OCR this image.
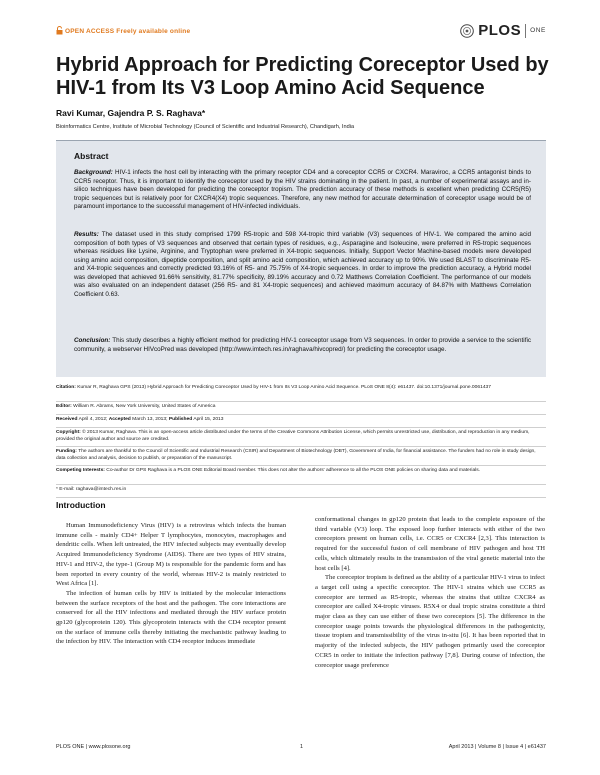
OPEN ACCESS Freely available online	PLOS ONE
Hybrid Approach for Predicting Coreceptor Used by HIV-1 from Its V3 Loop Amino Acid Sequence
Ravi Kumar, Gajendra P. S. Raghava*
Bioinformatics Centre, Institute of Microbial Technology (Council of Scientific and Industrial Research), Chandigarh, India
Abstract

Background: HIV-1 infects the host cell by interacting with the primary receptor CD4 and a coreceptor CCR5 or CXCR4. Maraviroc, a CCR5 antagonist binds to CCR5 receptor. Thus, it is important to identify the coreceptor used by the HIV strains dominating in the patient. In past, a number of experimental assays and in-silico techniques have been developed for predicting the coreceptor tropism. The prediction accuracy of these methods is excellent when predicting CCR5(R5) tropic sequences but is relatively poor for CXCR4(X4) tropic sequences. Therefore, any new method for accurate determination of coreceptor usage would be of paramount importance to the successful management of HIV-infected individuals.

Results: The dataset used in this study comprised 1799 R5-tropic and 598 X4-tropic third variable (V3) sequences of HIV-1. We compared the amino acid composition of both types of V3 sequences and observed that certain types of residues, e.g., Asparagine and Isoleucine, were preferred in R5-tropic sequences whereas residues like Lysine, Arginine, and Tryptophan were preferred in X4-tropic sequences. Initially, Support Vector Machine-based models were developed using amino acid composition, dipeptide composition, and split amino acid composition, which achieved accuracy up to 90%. We used BLAST to discriminate R5- and X4-tropic sequences and correctly predicted 93.16% of R5- and 75.75% of X4-tropic sequences. In order to improve the prediction accuracy, a Hybrid model was developed that achieved 91.66% sensitivity, 81.77% specificity, 89.19% accuracy and 0.72 Matthews Correlation Coefficient. The performance of our models was also evaluated on an independent dataset (256 R5- and 81 X4-tropic sequences) and achieved maximum accuracy of 84.87% with Matthews Correlation Coefficient 0.63.

Conclusion: This study describes a highly efficient method for predicting HIV-1 coreceptor usage from V3 sequences. In order to provide a service to the scientific community, a webserver HIVcoPred was developed (http://www.imtech.res.in/raghava/hivcopred/) for predicting the coreceptor usage.

Citation: Kumar R, Raghava GPS (2013) Hybrid Approach for Predicting Coreceptor Used by HIV-1 from Its V3 Loop Amino Acid Sequence. PLoS ONE 8(4): e61437. doi:10.1371/journal.pone.0061437

Editor: William R. Abrams, New York University, United States of America

Received April 4, 2012; Accepted March 13, 2013; Published April 15, 2013

Copyright: © 2013 Kumar, Raghava. This is an open-access article distributed under the terms of the Creative Commons Attribution License, which permits unrestricted use, distribution, and reproduction in any medium, provided the original author and source are credited.

Funding: The authors are thankful to the Council of Scientific and Industrial Research (CSIR) and Department of Biotechnology (DBT), Government of India, for financial assistance. The funders had no role in study design, data collection and analysis, decision to publish, or preparation of the manuscript.

Competing Interests: Co-author Dr GPS Raghava is a PLOS ONE Editorial Board member. This does not alter the authors' adherence to all the PLOS ONE policies on sharing data and materials.

* E-mail: raghava@imtech.res.in

Introduction

Human Immunodeficiency Virus (HIV) is a retrovirus which infects the human immune cells - mainly CD4+ Helper T lymphocytes, monocytes, macrophages and dendritic cells. When left untreated, the HIV infected subjects may eventually develop Acquired Immunodeficiency Syndrome (AIDS). There are two types of HIV strains, HIV-1 and HIV-2, the type-1 (Group M) is responsible for the pandemic form and has been reported in every country of the world, whereas HIV-2 is mainly restricted to West Africa [1].

The infection of human cells by HIV is initiated by the molecular interactions between the surface receptors of the host and the pathogen. The core interactions are conserved for all the HIV infections and mediated through the HIV surface protein gp120 (glycoprotein 120). This glycoprotein interacts with the CD4 receptor present on the surface of immune cells thereby initiating the mechanistic pathway leading to the infection by HIV. The interaction with CD4 receptor induces immediate

conformational changes in gp120 protein that leads to the complete exposure of the third variable (V3) loop. The exposed loop further interacts with either of the two coreceptors present on human cells, i.e. CCR5 or CXCR4 [2,3]. This interaction is required for the successful fusion of cell membrane of HIV pathogen and host TH cells, which ultimately results in the transmission of the viral genetic material into the host cells [4].

The coreceptor tropism is defined as the ability of a particular HIV-1 virus to infect a target cell using a specific coreceptor. The HIV-1 strains which use CCR5 as coreceptor are termed as R5-tropic, whereas the strains that utilize CXCR4 as coreceptor are called X4-tropic viruses. R5X4 or dual tropic strains constitute a third major class as they can use either of these two coreceptors [5]. The difference in the coreceptor usage points towards the physiological differences in the pathogenicity, tissue tropism and transmissibility of the virus in-situ [6]. It has been reported that in majority of the infected subjects, the HIV pathogen primarily used the coreceptor CCR5 in order to initiate the infection pathway [7,8]. During course of infection, the coreceptor usage preference

PLOS ONE | www.plosone.org	1	April 2013 | Volume 8 | Issue 4 | e61437
